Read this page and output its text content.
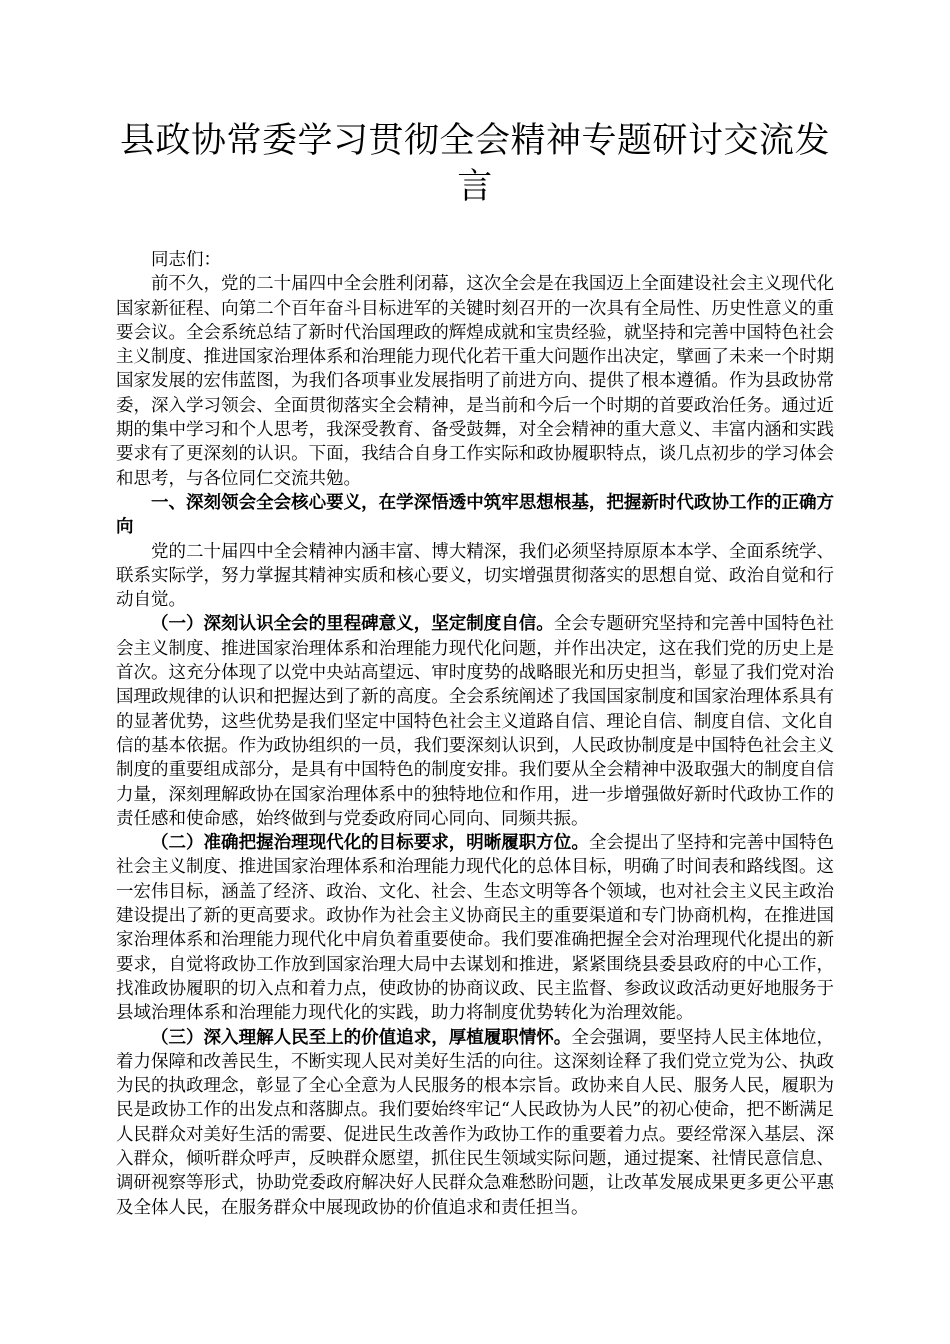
县政协常委学习贯彻全会精神专题研讨交流发言

同志们：

前不久，党的二十届四中全会胜利闭幕，这次全会是在我国迈上全面建设社会主义现代化国家新征程、向第二个百年奋斗目标进军的关键时刻召开的一次具有全局性、历史性意义的重要会议。全会系统总结了新时代治国理政的辉煌成就和宝贵经验，就坚持和完善中国特色社会主义制度、推进国家治理体系和治理能力现代化若干重大问题作出决定，擘画了未来一个时期国家发展的宏伟蓝图，为我们各项事业发展指明了前进方向、提供了根本遵循。作为县政协常委，深入学习领会、全面贯彻落实全会精神，是当前和今后一个时期的首要政治任务。通过近期的集中学习和个人思考，我深受教育、备受鼓舞，对全会精神的重大意义、丰富内涵和实践要求有了更深刻的认识。下面，我结合自身工作实际和政协履职特点，谈几点初步的学习体会和思考，与各位同仁交流共勉。

一、深刻领会全会核心要义，在学深悟透中筑牢思想根基，把握新时代政协工作的正确方向

党的二十届四中全会精神内涵丰富、博大精深，我们必须坚持原原本本学、全面系统学、联系实际学，努力掌握其精神实质和核心要义，切实增强贯彻落实的思想自觉、政治自觉和行动自觉。

（一）深刻认识全会的里程碑意义，坚定制度自信。全会专题研究坚持和完善中国特色社会主义制度、推进国家治理体系和治理能力现代化问题，并作出决定，这在我们党的历史上是首次。这充分体现了以党中央站高望远、审时度势的战略眼光和历史担当，彰显了我们党对治国理政规律的认识和把握达到了新的高度。全会系统阐述了我国国家制度和国家治理体系具有的显著优势，这些优势是我们坚定中国特色社会主义道路自信、理论自信、制度自信、文化自信的基本依据。作为政协组织的一员，我们要深刻认识到，人民政协制度是中国特色社会主义制度的重要组成部分，是具有中国特色的制度安排。我们要从全会精神中汲取强大的制度自信力量，深刻理解政协在国家治理体系中的独特地位和作用，进一步增强做好新时代政协工作的责任感和使命感，始终做到与党委政府同心同向、同频共振。

（二）准确把握治理现代化的目标要求，明晰履职方位。全会提出了坚持和完善中国特色社会主义制度、推进国家治理体系和治理能力现代化的总体目标，明确了时间表和路线图。这一宏伟目标，涵盖了经济、政治、文化、社会、生态文明等各个领域，也对社会主义民主政治建设提出了新的更高要求。政协作为社会主义协商民主的重要渠道和专门协商机构，在推进国家治理体系和治理能力现代化中肩负着重要使命。我们要准确把握全会对治理现代化提出的新要求，自觉将政协工作放到国家治理大局中去谋划和推进，紧紧围绕县委县政府的中心工作，找准政协履职的切入点和着力点，使政协的协商议政、民主监督、参政议政活动更好地服务于县域治理体系和治理能力现代化的实践，助力将制度优势转化为治理效能。

（三）深入理解人民至上的价值追求，厚植履职情怀。全会强调，要坚持人民主体地位，着力保障和改善民生，不断实现人民对美好生活的向往。这深刻诠释了我们党立党为公、执政为民的执政理念，彰显了全心全意为人民服务的根本宗旨。政协来自人民、服务人民，履职为民是政协工作的出发点和落脚点。我们要始终牢记“人民政协为人民”的初心使命，把不断满足人民群众对美好生活的需要、促进民生改善作为政协工作的重要着力点。要经常深入基层、深入群众，倾听群众呼声，反映群众愿望，抓住民生领域实际问题，通过提案、社情民意信息、调研视察等形式，协助党委政府解决好人民群众急难愁盼问题，让改革发展成果更多更公平惠及全体人民，在服务群众中展现政协的价值追求和责任担当。
